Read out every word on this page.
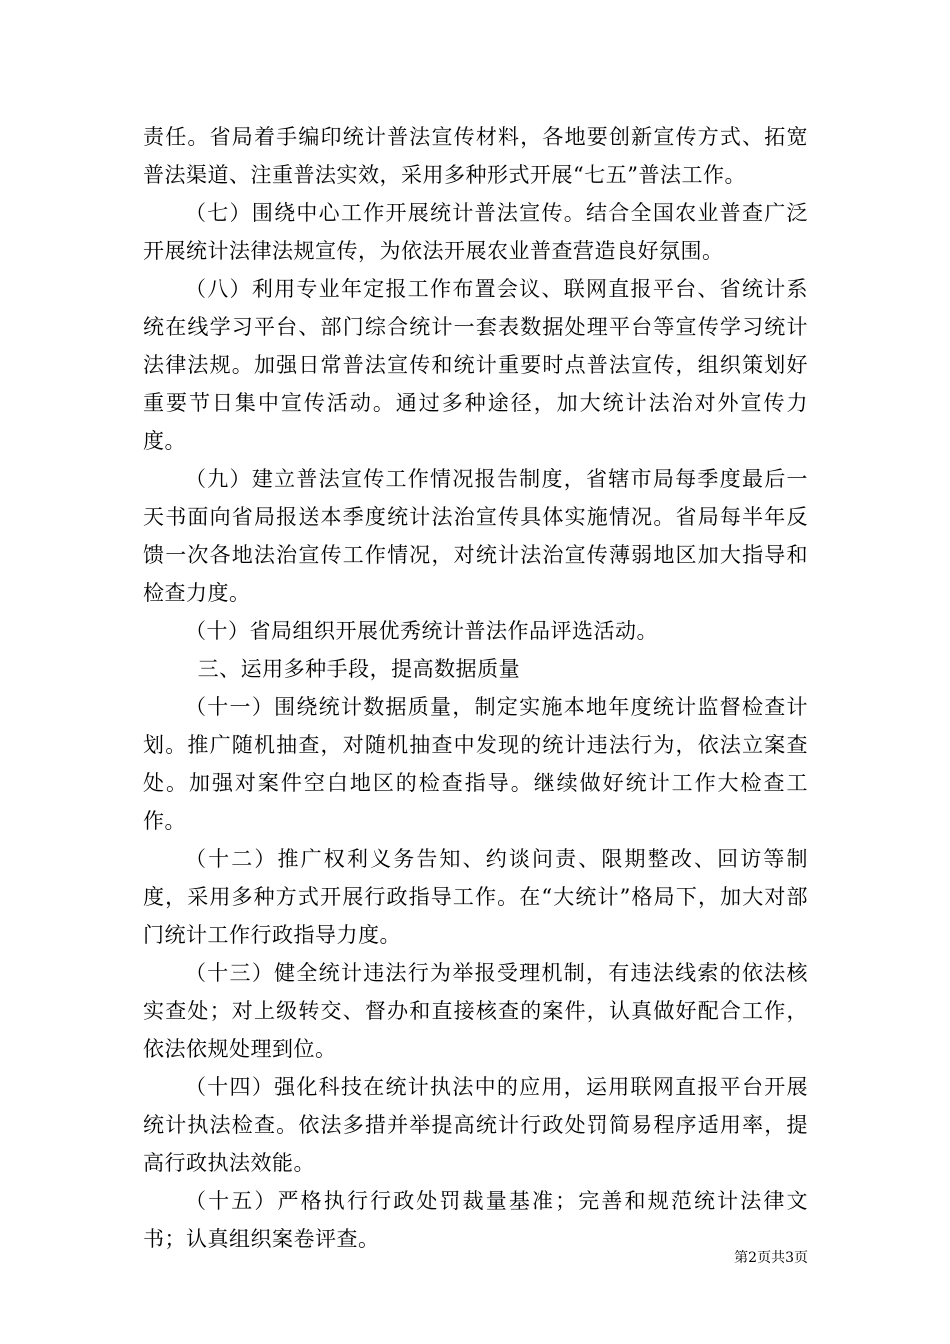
责任。省局着手编印统计普法宣传材料，各地要创新宣传方式、拓宽普法渠道、注重普法实效，采用多种形式开展“七五”普法工作。

（七）围绕中心工作开展统计普法宣传。结合全国农业普查广泛开展统计法律法规宣传，为依法开展农业普查营造良好氛围。

（八）利用专业年定报工作布置会议、联网直报平台、省统计系统在线学习平台、部门综合统计一套表数据处理平台等宣传学习统计法律法规。加强日常普法宣传和统计重要时点普法宣传，组织策划好重要节日集中宣传活动。通过多种途径，加大统计法治对外宣传力度。

（九）建立普法宣传工作情况报告制度，省辖市局每季度最后一天书面向省局报送本季度统计法治宣传具体实施情况。省局每半年反馈一次各地法治宣传工作情况，对统计法治宣传薄弱地区加大指导和检查力度。

（十）省局组织开展优秀统计普法作品评选活动。

三、运用多种手段，提高数据质量

（十一）围绕统计数据质量，制定实施本地年度统计监督检查计划。推广随机抽查，对随机抽查中发现的统计违法行为，依法立案查处。加强对案件空白地区的检查指导。继续做好统计工作大检查工作。

（十二）推广权利义务告知、约谈问责、限期整改、回访等制度，采用多种方式开展行政指导工作。在“大统计”格局下，加大对部门统计工作行政指导力度。

（十三）健全统计违法行为举报受理机制，有违法线索的依法核实查处；对上级转交、督办和直接核查的案件，认真做好配合工作，依法依规处理到位。

（十四）强化科技在统计执法中的应用，运用联网直报平台开展统计执法检查。依法多措并举提高统计行政处罚简易程序适用率，提高行政执法效能。

（十五）严格执行行政处罚裁量基准；完善和规范统计法律文书；认真组织案卷评查。

第2页共3页
